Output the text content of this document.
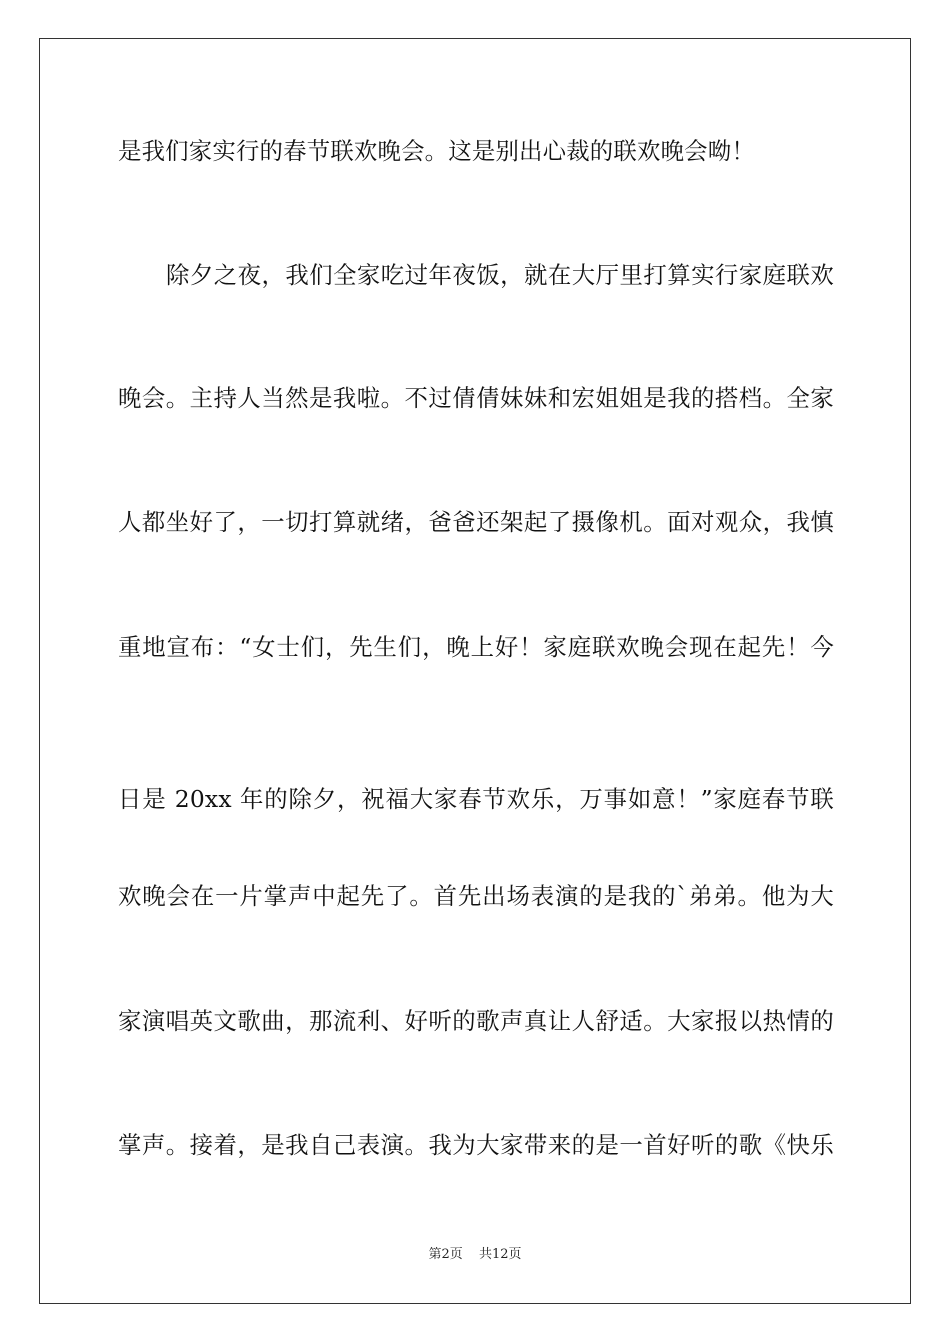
是我们家实行的春节联欢晚会。这是别出心裁的联欢晚会呦！
除夕之夜，我们全家吃过年夜饭，就在大厅里打算实行家庭联欢
晚会。主持人当然是我啦。不过倩倩妹妹和宏姐姐是我的搭档。全家
人都坐好了，一切打算就绪，爸爸还架起了摄像机。面对观众，我慎
重地宣布：“女士们，先生们，晚上好！家庭联欢晚会现在起先！今
日是 20xx 年的除夕，祝福大家春节欢乐，万事如意！”家庭春节联
欢晚会在一片掌声中起先了。首先出场表演的是我的`弟弟。他为大
家演唱英文歌曲，那流利、好听的歌声真让人舒适。大家报以热情的
掌声。接着，是我自己表演。我为大家带来的是一首好听的歌《快乐
第2页 共12页
